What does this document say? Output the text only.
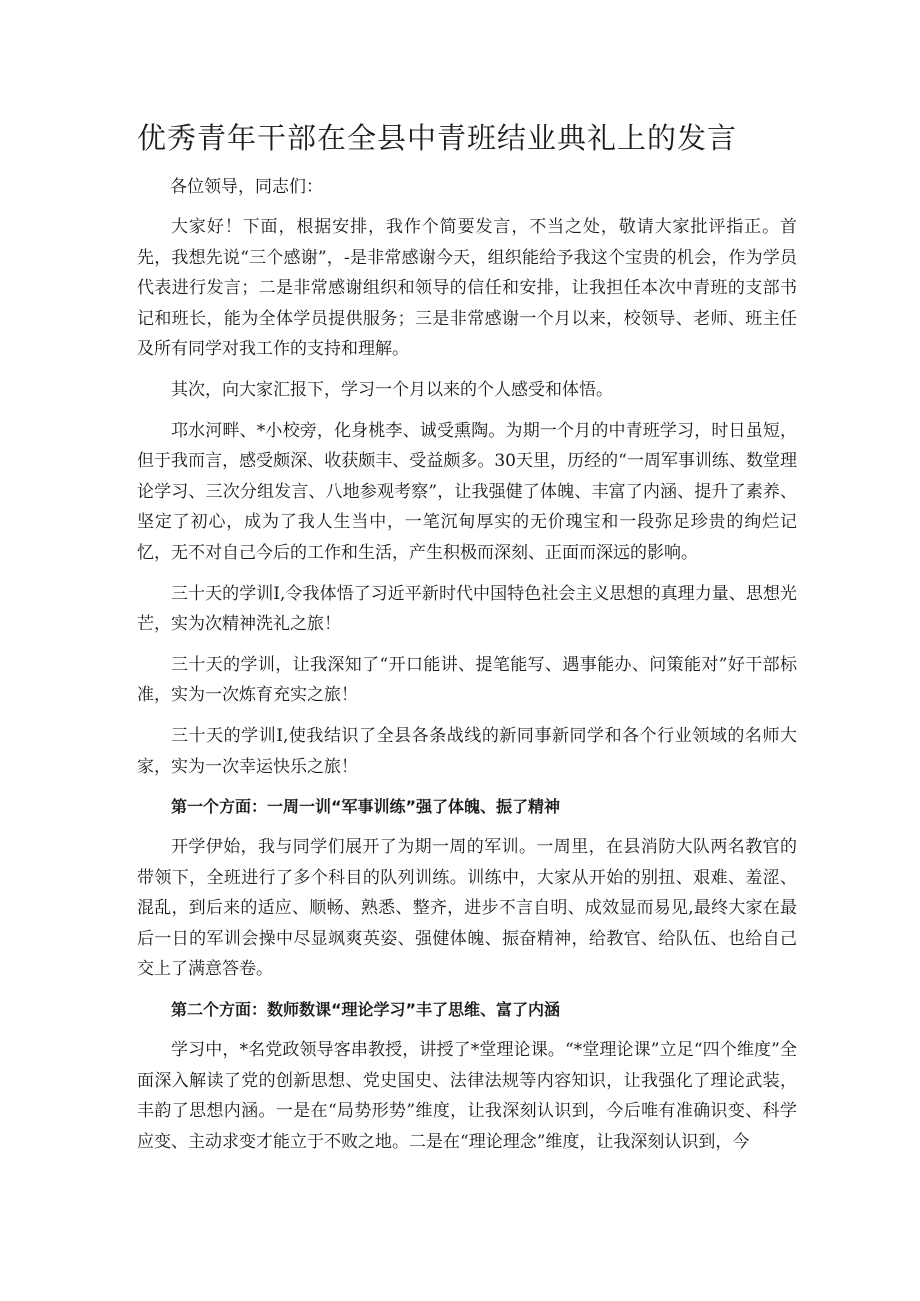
优秀青年干部在全县中青班结业典礼上的发言

各位领导，同志们：

大家好！下面，根据安排，我作个简要发言，不当之处，敬请大家批评指正。首先，我想先说“三个感谢”，-是非常感谢今天，组织能给予我这个宝贵的机会，作为学员代表进行发言；二是非常感谢组织和领导的信任和安排，让我担任本次中青班的支部书记和班长，能为全体学员提供服务；三是非常感谢一个月以来，校领导、老师、班主任及所有同学对我工作的支持和理解。

其次，向大家汇报下，学习一个月以来的个人感受和体悟。

邛水河畔、*小校旁，化身桃李、诚受熏陶。为期一个月的中青班学习，时日虽短，但于我而言，感受颇深、收获颇丰、受益颇多。30天里，历经的“一周军事训练、数堂理论学习、三次分组发言、八地参观考察”，让我强健了体魄、丰富了内涵、提升了素养、坚定了初心，成为了我人生当中，一笔沉甸厚实的无价瑰宝和一段弥足珍贵的绚烂记忆，无不对自己今后的工作和生活，产生积极而深刻、正面而深远的影响。

三十天的学训I,令我体悟了习近平新时代中国特色社会主义思想的真理力量、思想光芒，实为次精神洗礼之旅！

三十天的学训，让我深知了“开口能讲、提笔能写、遇事能办、问策能对”好干部标准，实为一次炼育充实之旅！

三十天的学训I,使我结识了全县各条战线的新同事新同学和各个行业领域的名师大家，实为一次幸运快乐之旅！

第一个方面：一周一训“军事训练”强了体魄、振了精神

开学伊始，我与同学们展开了为期一周的军训。一周里，在县消防大队两名教官的带领下，全班进行了多个科目的队列训练。训练中，大家从开始的别扭、艰难、羞涩、混乱，到后来的适应、顺畅、熟悉、整齐，进步不言自明、成效显而易见,最终大家在最后一日的军训会操中尽显飒爽英姿、强健体魄、振奋精神，给教官、给队伍、也给自己交上了满意答卷。

第二个方面：数师数课“理论学习”丰了思维、富了内涵

学习中，*名党政领导客串教授，讲授了*堂理论课。“*堂理论课”立足“四个维度”全面深入解读了党的创新思想、党史国史、法律法规等内容知识，让我强化了理论武装，丰韵了思想内涵。一是在“局势形势”维度，让我深刻认识到，今后唯有准确识变、科学应变、主动求变才能立于不败之地。二是在“理论理念”维度，让我深刻认识到，今
